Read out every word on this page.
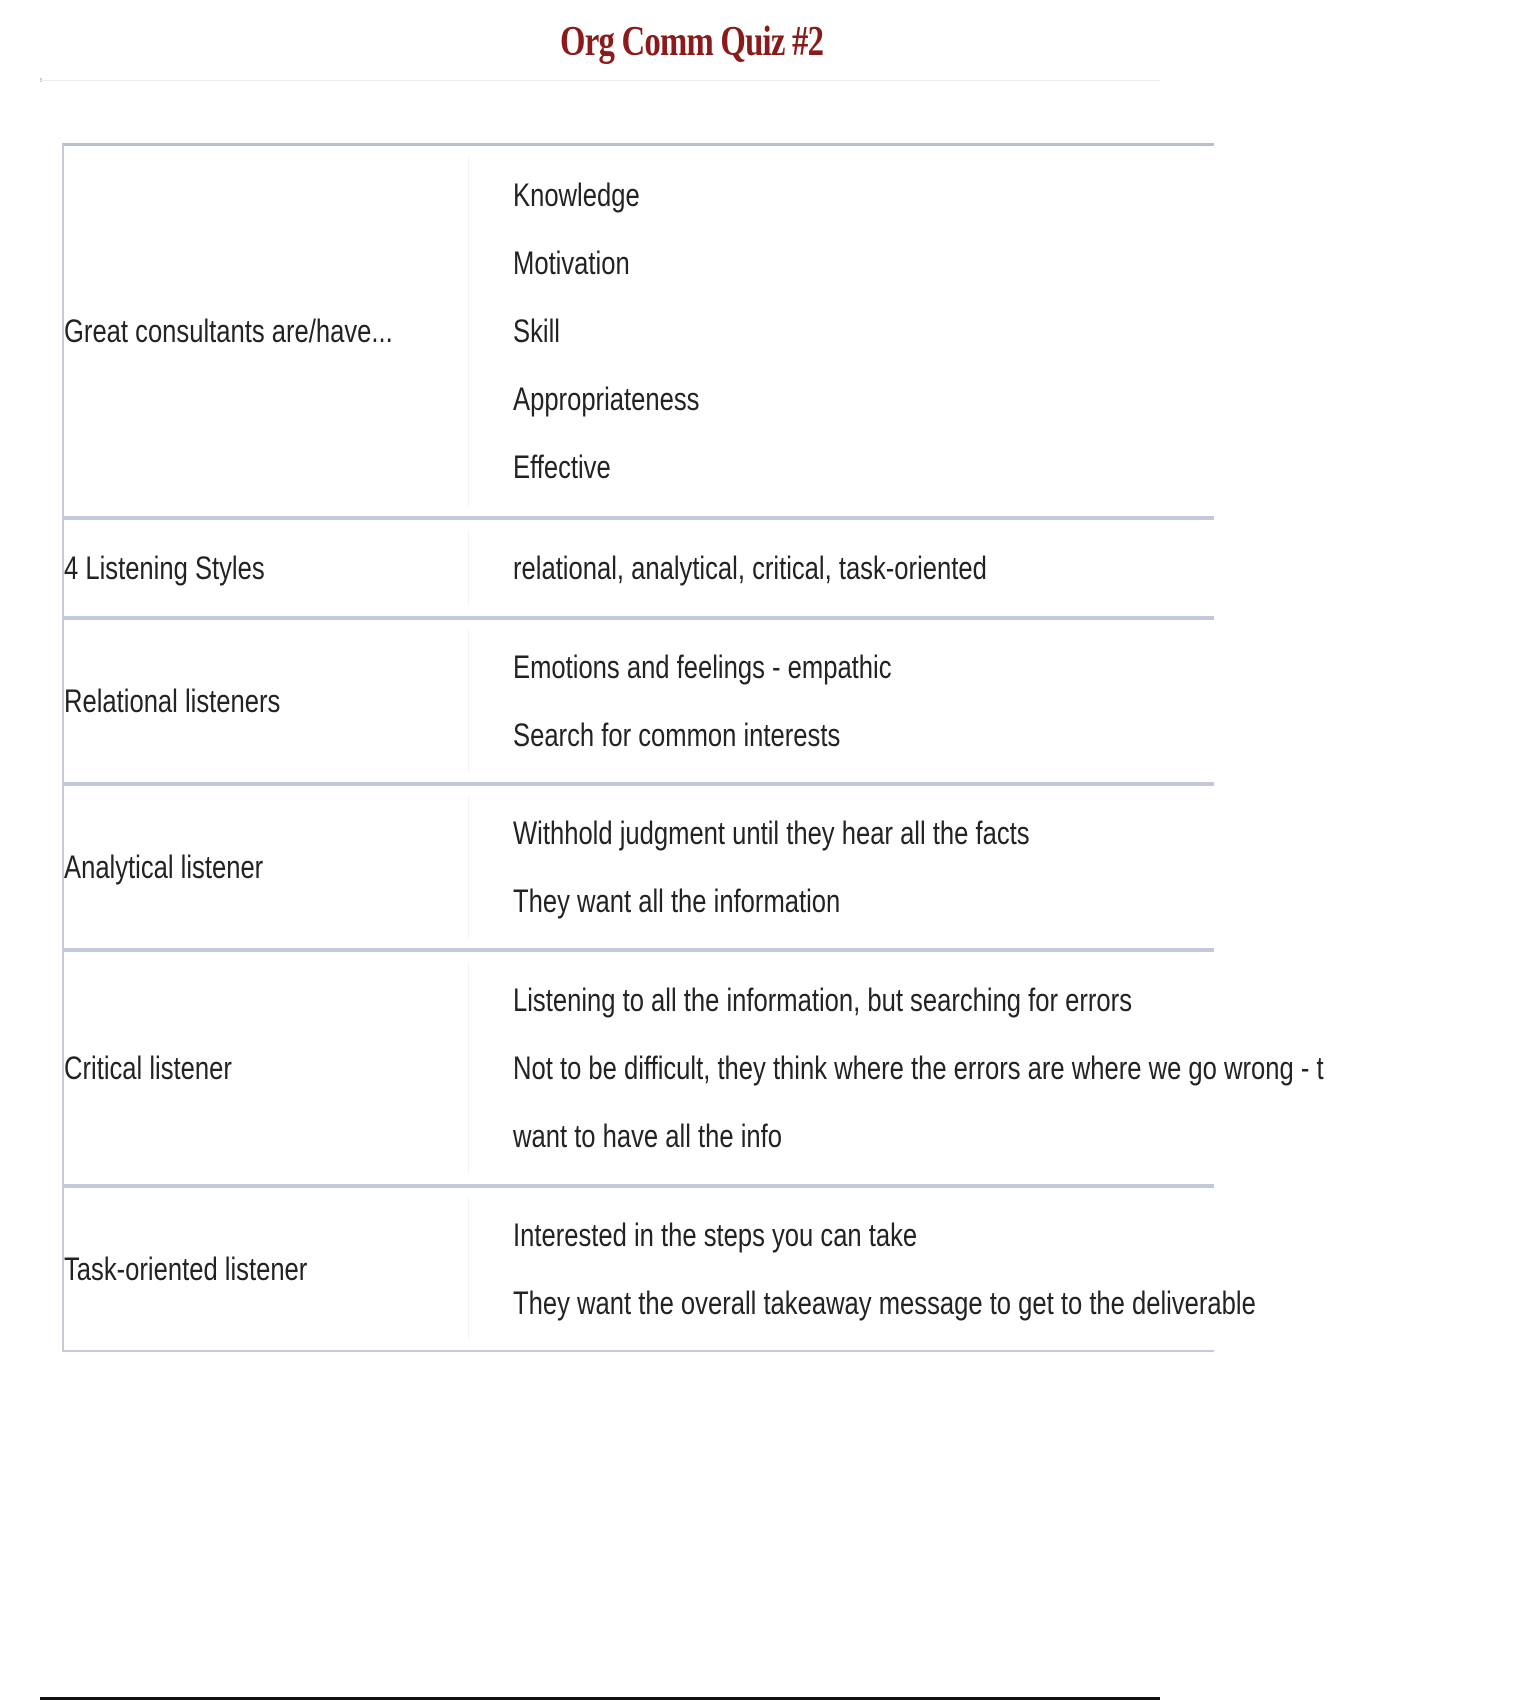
Org Comm Quiz #2
Great consultants are/have...
Knowledge
Motivation
Skill
Appropriateness
Effective
4 Listening Styles	relational, analytical, critical, task-oriented
Relational listeners
Emotions and feelings - empathic
Search for common interests
Analytical listener
Withhold judgment until they hear all the facts
They want all the information
Critical listener
Listening to all the information, but searching for errors
Not to be difficult, they think where the errors are where we go wrong - t
want to have all the info
Task-oriented listener
Interested in the steps you can take
They want the overall takeaway message to get to the deliverable
